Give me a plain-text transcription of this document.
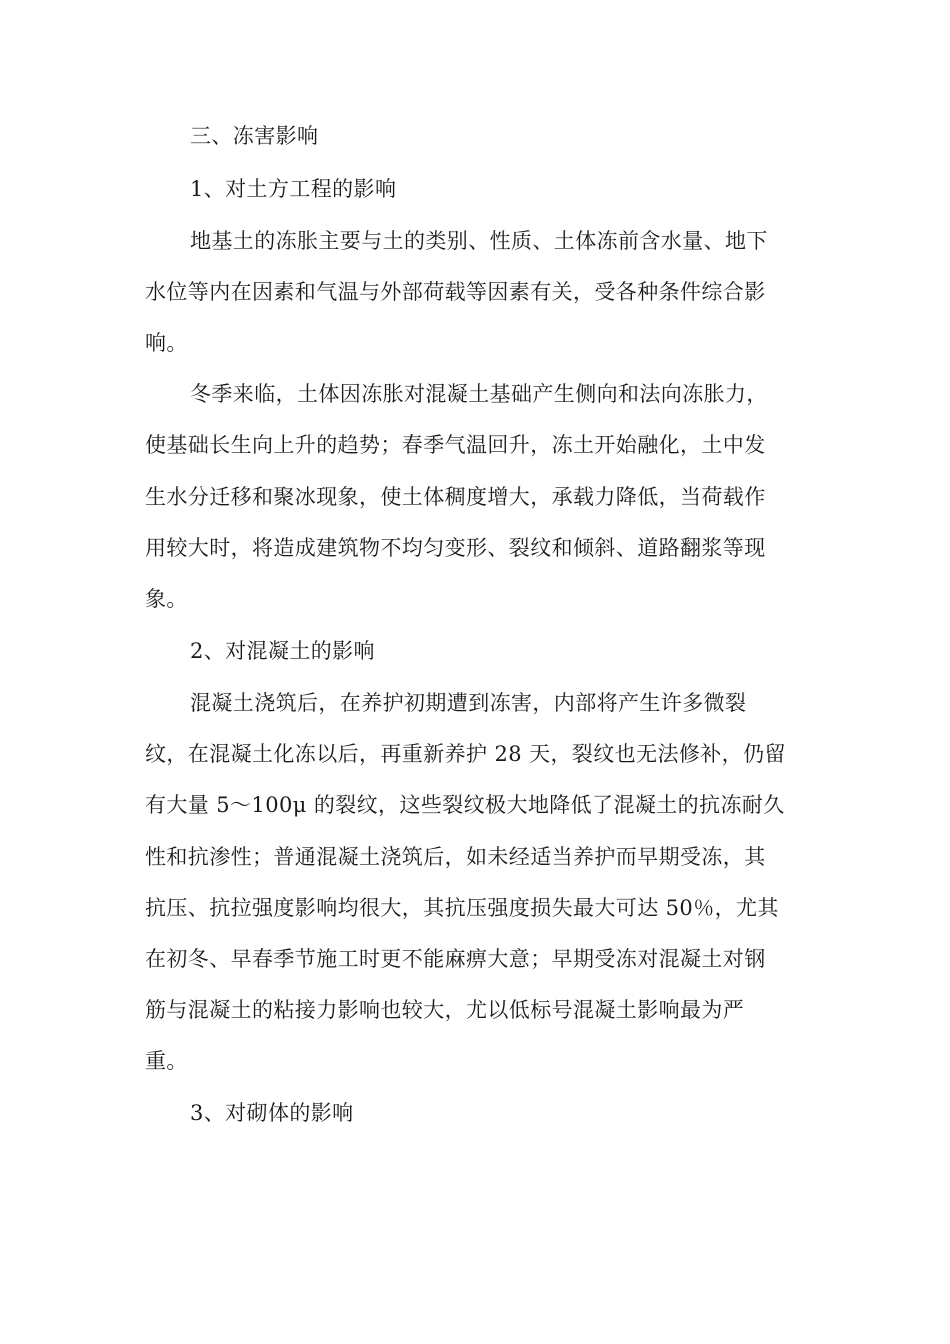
三、冻害影响
1、对土方工程的影响
地基土的冻胀主要与土的类别、性质、土体冻前含水量、地下
水位等内在因素和气温与外部荷载等因素有关，受各种条件综合影
响。
冬季来临，土体因冻胀对混凝土基础产生侧向和法向冻胀力，
使基础长生向上升的趋势；春季气温回升，冻土开始融化，土中发
生水分迁移和聚冰现象，使土体稠度增大，承载力降低，当荷载作
用较大时，将造成建筑物不均匀变形、裂纹和倾斜、道路翻浆等现
象。
2、对混凝土的影响
混凝土浇筑后，在养护初期遭到冻害，内部将产生许多微裂
纹，在混凝土化冻以后，再重新养护 28 天，裂纹也无法修补，仍留
有大量 5～100μ 的裂纹，这些裂纹极大地降低了混凝土的抗冻耐久
性和抗渗性；普通混凝土浇筑后，如未经适当养护而早期受冻，其
抗压、抗拉强度影响均很大，其抗压强度损失最大可达 50％，尤其
在初冬、早春季节施工时更不能麻痹大意；早期受冻对混凝土对钢
筋与混凝土的粘接力影响也较大，尤以低标号混凝土影响最为严
重。
3、对砌体的影响
